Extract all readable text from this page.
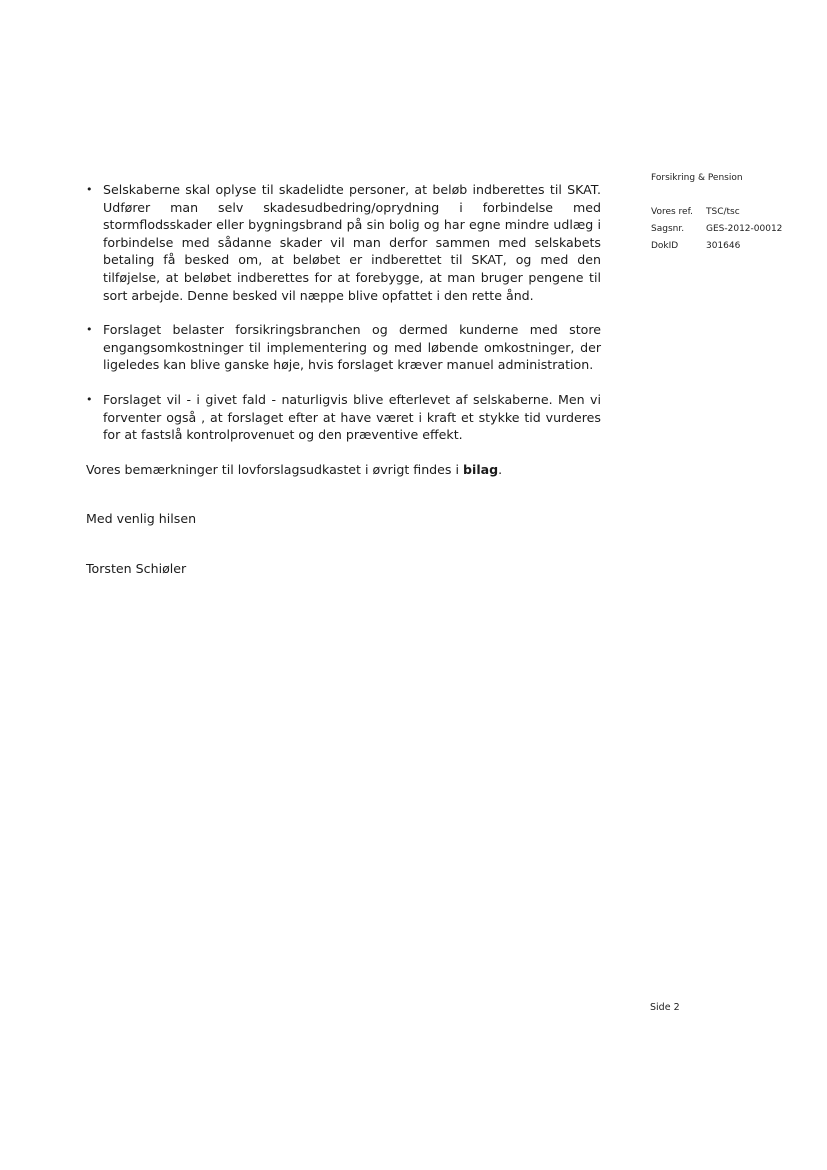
Forsikring & Pension
Vores ref.	TSC/tsc
Sagsnr.	GES-2012-00012
DokID	301646
• Selskaberne skal oplyse til skadelidte personer, at beløb indberettes til SKAT. Udfører man selv skadesudbedring/oprydning i forbindelse med stormflodsskader eller bygningsbrand på sin bolig og har egne mindre udlæg i forbindelse med sådanne skader vil man derfor sammen med selskabets betaling få besked om, at beløbet er indberettet til SKAT, og med den tilføjelse, at beløbet indberettes for at forebygge, at man bruger pengene til sort arbejde. Denne besked vil næppe blive opfattet i den rette ånd.
• Forslaget belaster forsikringsbranchen og dermed kunderne med store engangsomkostninger til implementering og med løbende omkostninger, der ligeledes kan blive ganske høje, hvis forslaget kræver manuel administration.
• Forslaget vil - i givet fald - naturligvis blive efterlevet af selskaberne. Men vi forventer også , at forslaget efter at have været i kraft et stykke tid vurderes for at fastslå kontrolprovenuet og den præventive effekt.

Vores bemærkninger til lovforslagsudkastet i øvrigt findes i bilag.

Med venlig hilsen

Torsten Schiøler

Side 2
